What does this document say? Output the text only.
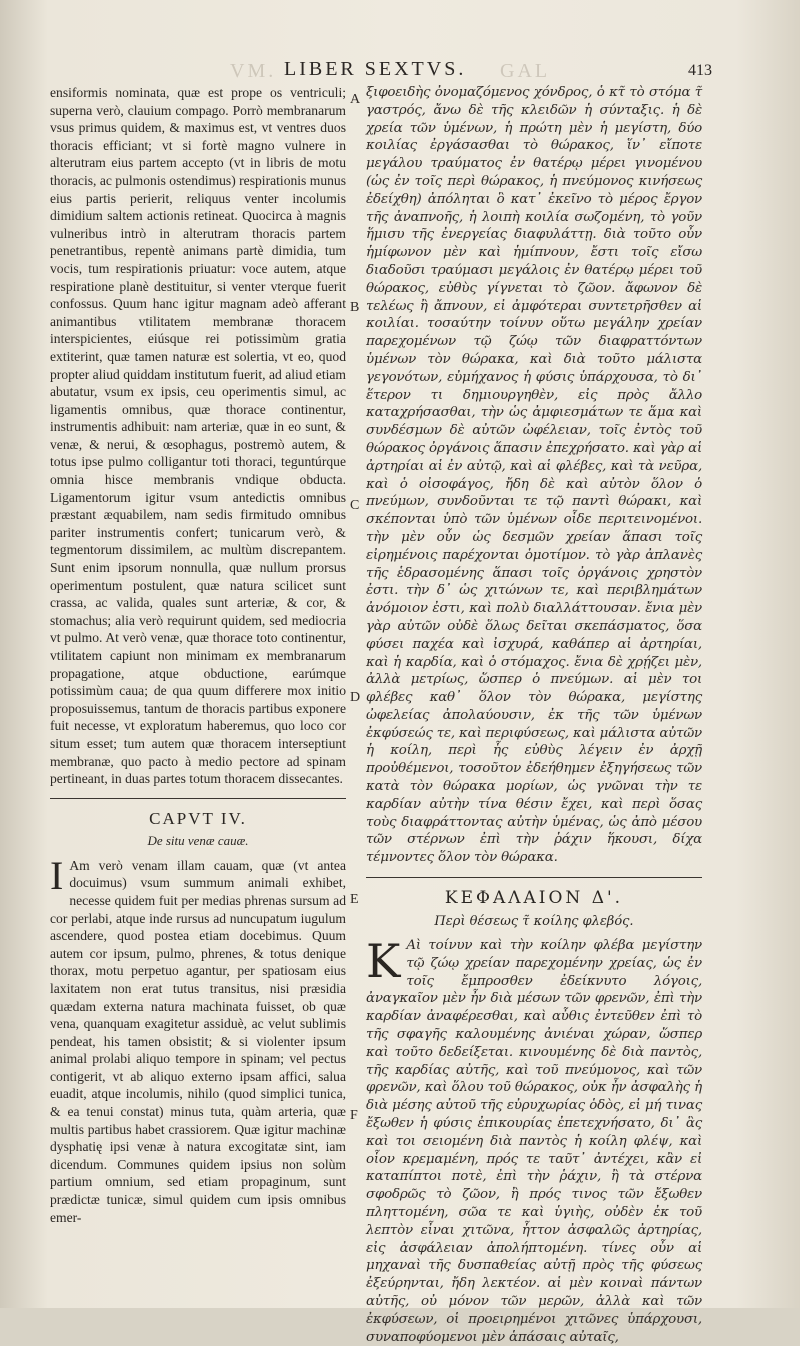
VM.	GAL
LIBER SEXTVS.	413

ensiformis nominata, quæ est prope os ventriculi; superna verò, clauium compago. Porrò membranarum vsus primus quidem, & maximus est, vt ventres duos thoracis efficiant; vt si fortè magno vulnere in alterutram eius partem accepto (vt in libris de motu thoracis, ac pulmonis ostendimus) respirationis munus eius partis perierit, reliquus venter incolumis dimidium saltem actionis retineat. Quocirca à magnis vulneribus intrò in alterutram thoracis partem penetrantibus, repentè animans partè dimidia, tum vocis, tum respirationis priuatur: voce autem, atque respiratione planè destituitur, si venter vterque fuerit confossus. Quum hanc igitur magnam adeò afferant animantibus vtilitatem membranæ thoracem interspicientes, eiúsque rei potissimùm gratia extiterint, quæ tamen naturæ est solertia, vt eo, quod propter aliud quiddam institutum fuerit, ad aliud etiam abutatur, vsum ex ipsis, ceu operimentis simul, ac ligamentis omnibus, quæ thorace continentur, instrumentis adhibuit: nam arteriæ, quæ in eo sunt, & venæ, & nerui, & œsophagus, postremò autem, & totus ipse pulmo colligantur toti thoraci, teguntúrque omnia hisce membranis vndique obducta. Ligamentorum igitur vsum antedictis omnibus præstant æquabilem, nam sedis firmitudo omnibus pariter instrumentis confert; tunicarum verò, & tegmentorum dissimilem, ac multùm discrepantem. Sunt enim ipsorum nonnulla, quæ nullum prorsus operimentum postulent, quæ natura scilicet sunt crassa, ac valida, quales sunt arteriæ, & cor, & stomachus; alia verò requirunt quidem, sed mediocria vt pulmo. At verò venæ, quæ thorace toto continentur, vtilitatem capiunt non minimam ex membranarum propagatione, atque obductione, earúmque potissimùm caua; de qua quum differere mox initio proposuissemus, tantum de thoracis partibus exponere fuit necesse, vt exploratum haberemus, quo loco cor situm esset; tum autem quæ thoracem interseptiunt membranæ, quo pacto à medio pectore ad spinam pertineant, in duas partes totum thoracem dissecantes.

CAPVT IV.
De situ venæ cauæ.
I Am verò venam illam cauam, quæ (vt antea docuimus) vsum summum animali exhibet, necesse quidem fuit per medias phrenas sursum ad cor perlabi, atque inde rursus ad nuncupatum iugulum ascendere, quod postea etiam docebimus. Quum autem cor ipsum, pulmo, phrenes, & totus denique thorax, motu perpetuo agantur, per spatiosam eius laxitatem non erat tutus transitus, nisi præsidia quædam externa natura machinata fuisset, ob quæ vena, quanquam exagitetur assiduè, ac velut sublimis pendeat, his tamen obsistit; & si violenter ipsum animal prolabi aliquo tempore in spinam; vel pectus contigerit, vt ab aliquo externo ipsam affici, salua euadit, atque incolumis, nihilo (quod simplici tunica, & ea tenui constat) minus tuta, quàm arteria, quæ multis partibus habet crassiorem. Quæ igitur machinæ dysphatię ipsi venæ à natura excogitatæ sint, iam dicendum. Communes quidem ipsius non solùm partium omnium, sed etiam propaginum, sunt prædictæ tunicæ, simul quidem cum ipsis omnibus emer-

ξιφοειδὴς ὀνομαζόμενος χόνδρος, ὁ κτ̃ τὸ στόμα τ̃ γαστρός, ἄνω δὲ τῆς κλειδῶν ἡ σύνταξις. ἡ δὲ χρεία τῶν ὑμένων, ἡ πρώτη μὲν ἡ μεγίστη, δύο κοιλίας ἐργάσασθαι τὸ θώρακος, ἵν᾽ εἴποτε μεγάλου τραύματος ἐν θατέρῳ μέρει γινομένου (ὡς ἐν τοῖς περὶ θώρακος, ἡ πνεύμονος κινήσεως ἐδείχθη) ἀπόληται ὃ κατ᾽ ἐκεῖνο τὸ μέρος ἔργον τῆς ἀναπνοῆς, ἡ λοιπὴ κοιλία σωζομένη, τὸ γοῦν ἥμισυ τῆς ἐνεργείας διαφυλάττῃ. διὰ τοῦτο οὖν ἡμίφωνον μὲν καὶ ἡμίπνουν, ἔστι τοῖς εἴσω διαδοῦσι τραύμασι μεγάλοις ἐν θατέρῳ μέρει τοῦ θώρακος, εὐθὺς γίγνεται τὸ ζῶον. ἄφωνον δὲ τελέως ἢ ἄπνουν, εἰ ἀμφότεραι συντετρῆσθεν αἱ κοιλίαι. τοσαύτην τοίνυν οὕτω μεγάλην χρείαν παρεχομένων τῷ ζώῳ τῶν διαφραττόντων ὑμένων τὸν θώρακα, καὶ διὰ τοῦτο μάλιστα γεγονότων, εὐμήχανος ἡ φύσις ὑπάρχουσα, τὸ δι᾽ ἕτερον τι δημιουργηθὲν, εἰς πρὸς ἄλλο καταχρήσασθαι, τὴν ὡς ἀμφιεσμάτων τε ἅμα καὶ συνδέσμων δὲ αὐτῶν ὠφέλειαν, τοῖς ἐντὸς τοῦ θώρακος ὀργάνοις ἅπασιν ἐπεχρήσατο. καὶ γὰρ αἱ ἀρτηρίαι αἱ ἐν αὐτῷ, καὶ αἱ φλέβες, καὶ τὰ νεῦρα, καὶ ὁ οἰσοφάγος, ἤδη δὲ καὶ αὐτὸν ὅλον ὁ πνεύμων, συνδοῦνται τε τῷ παντὶ θώρακι, καὶ σκέπονται ὑπὸ τῶν ὑμένων οἷδε περιτεινομένοι. τὴν μὲν οὖν ὡς δεσμῶν χρείαν ἅπασι τοῖς εἰρημένοις παρέχονται ὁμοτίμον. τὸ γὰρ ἀπλανὲς τῆς ἑδρασομένης ἅπασι τοῖς ὀργάνοις χρηστὸν ἐστι. τὴν δ᾽ ὡς χιτώνων τε, καὶ περιβλημάτων ἀνόμοιον ἐστι, καὶ πολὺ διαλλάττουσαν. ἔνια μὲν γὰρ αὐτῶν οὐδὲ ὅλως δεῖται σκεπάσματος, ὅσα φύσει παχέα καὶ ἰσχυρά, καθάπερ αἱ ἀρτηρίαι, καὶ ἡ καρδία, καὶ ὁ στόμαχος. ἔνια δὲ χρῄζει μὲν, ἀλλὰ μετρίως, ὥσπερ ὁ πνεύμων. αἱ μὲν τοι φλέβες καθ᾽ ὅλον τὸν θώρακα, μεγίστης ὠφελείας ἀπολαύουσιν, ἐκ τῆς τῶν ὑμένων ἐκφύσεώς τε, καὶ περιφύσεως, καὶ μάλιστα αὐτῶν ἡ κοίλη, περὶ ἧς εὐθὺς λέγειν ἐν ἀρχῇ προὐθέμενοι, τοσοῦτον ἐδεήθημεν ἐξηγήσεως τῶν κατὰ τὸν θώρακα μορίων, ὡς γνῶναι τὴν τε καρδίαν αὐτὴν τίνα θέσιν ἔχει, καὶ περὶ ὅσας τοὺς διαφράττοντας αὐτὴν ὑμένας, ὡς ἀπὸ μέσου τῶν στέρνων ἐπὶ τὴν ῥάχιν ἥκουσι, δίχα τέμνοντες ὅλον τὸν θώρακα.

ΚΕΦΑΛΑΙΟΝ Δ'.
Περὶ θέσεως τ̃ κοίλης φλεβός.
Κ Αὶ τοίνυν καὶ τὴν κοίλην φλέβα μεγίστην τῷ ζώῳ χρείαν παρεχομένην χρείας, ὡς ἐν τοῖς ἔμπροσθεν ἐδείκνυτο λόγοις, ἀναγκαῖον μὲν ἦν διὰ μέσων τῶν φρενῶν, ἐπὶ τὴν καρδίαν ἀναφέρεσθαι, καὶ αὖθις ἐντεῦθεν ἐπὶ τὸ τῆς σφαγῆς καλουμένης ἀνιέναι χώραν, ὥσπερ καὶ τοῦτο δεδείξεται. κινουμένης δὲ διὰ παντὸς, τῆς καρδίας αὐτῆς, καὶ τοῦ πνεύμονος, καὶ τῶν φρενῶν, καὶ ὅλου τοῦ θώρακος, οὐκ ἦν ἀσφαλὴς ἡ διὰ μέσης αὐτοῦ τῆς εὐρυχωρίας ὁδὸς, εἰ μή τινας ἔξωθεν ἡ φύσις ἐπικουρίας ἐπετεχνήσατο, δι᾽ ἃς καὶ τοι σειομένη διὰ παντὸς ἡ κοίλη φλέψ, καὶ οἷον κρεμαμένη, πρός τε ταῦτ᾽ ἀντέχει, κἂν εἰ καταπίπτοι ποτὲ, ἐπὶ τὴν ῥάχιν, ἢ τὰ στέρνα σφοδρῶς τὸ ζῶον, ἢ πρός τινος τῶν ἔξωθεν πληττομένη, σῶα τε καὶ ὑγιὴς, οὐδὲν ἐκ τοῦ λεπτὸν εἶναι χιτῶνα, ἧττον ἀσφαλῶς ἀρτηρίας, εἰς ἀσφάλειαν ἀπολήπτομένη. τίνες οὖν αἱ μηχαναὶ τῆς δυσπαθείας αὐτῇ πρὸς τῆς φύσεως ἐξεύρηνται, ἤδη λεκτέον. αἱ μὲν κοιναὶ πάντων αὐτῆς, οὐ μόνον τῶν μερῶν, ἀλλὰ καὶ τῶν ἐκφύσεων, οἱ προειρημένοι χιτῶνες ὑπάρχουσι, συναποφύομενοι μὲν ἁπάσαις αὐταῖς,

A
B
C
D
E
F
